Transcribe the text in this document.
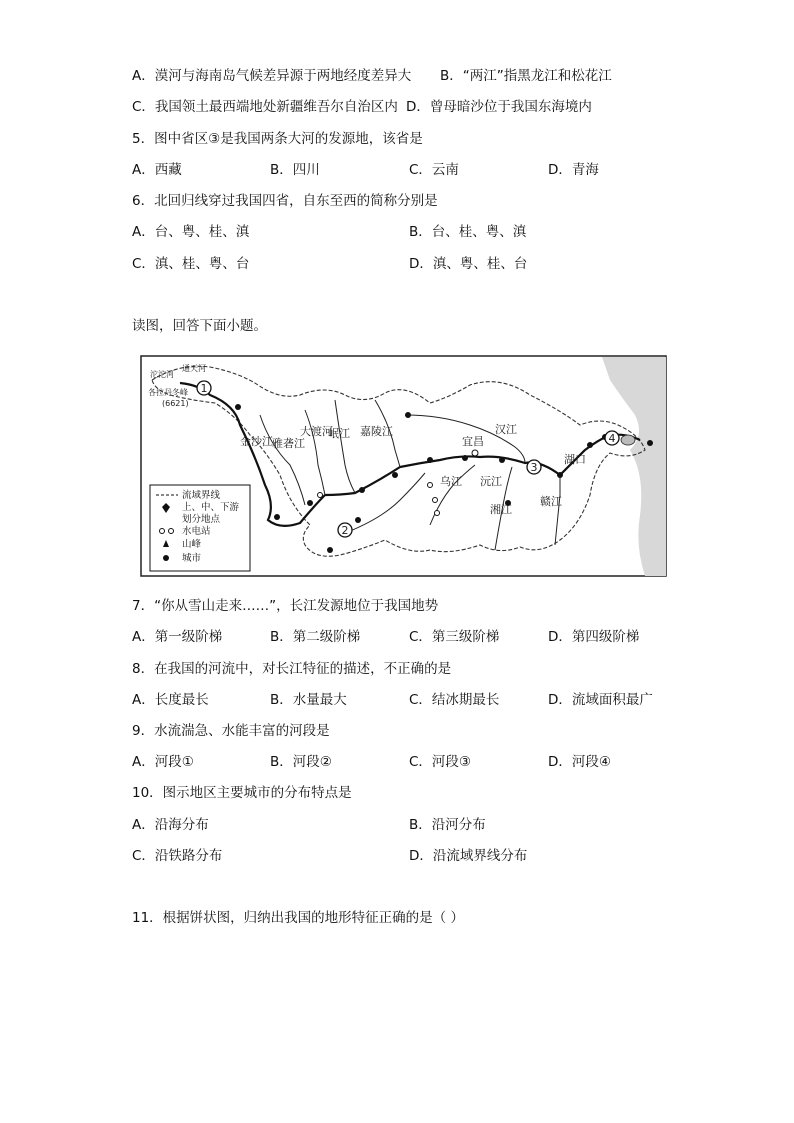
A．漠河与海南岛气候差异源于两地经度差异大 B．“两江”指黑龙江和松花江
C．我国领土最西端地处新疆维吾尔自治区内 D．曾母暗沙位于我国东海境内
5．图中省区③是我国两条大河的发源地，该省是
A．西藏	B．四川	C．云南	D．青海
6．北回归线穿过我国四省，自东至西的简称分别是
A．台、粤、桂、滇	B．台、桂、粤、滇
C．滇、桂、粤、台	D．滇、粤、桂、台
读图，回答下面小题。
1
2
3
4
沱沱河
通天河
各拉丹冬峰
(6621)
金沙江 雅砻江
大渡河
岷江 嘉陵江
乌江 沅江
湘江
赣江
汉江
宜昌
湖口
流域界线
上、中、下游
划分地点
水电站
山峰
城市
7．“你从雪山走来……”，长江发源地位于我国地势
A．第一级阶梯	B．第二级阶梯	C．第三级阶梯	D．第四级阶梯
8．在我国的河流中，对长江特征的描述，不正确的是
A．长度最长	B．水量最大	C．结冰期最长	D．流域面积最广
9．水流湍急、水能丰富的河段是
A．河段①	B．河段②	C．河段③	D．河段④
10．图示地区主要城市的分布特点是
A．沿海分布	B．沿河分布
C．沿铁路分布	D．沿流域界线分布
11．根据饼状图，归纳出我国的地形特征正确的是（ ）
